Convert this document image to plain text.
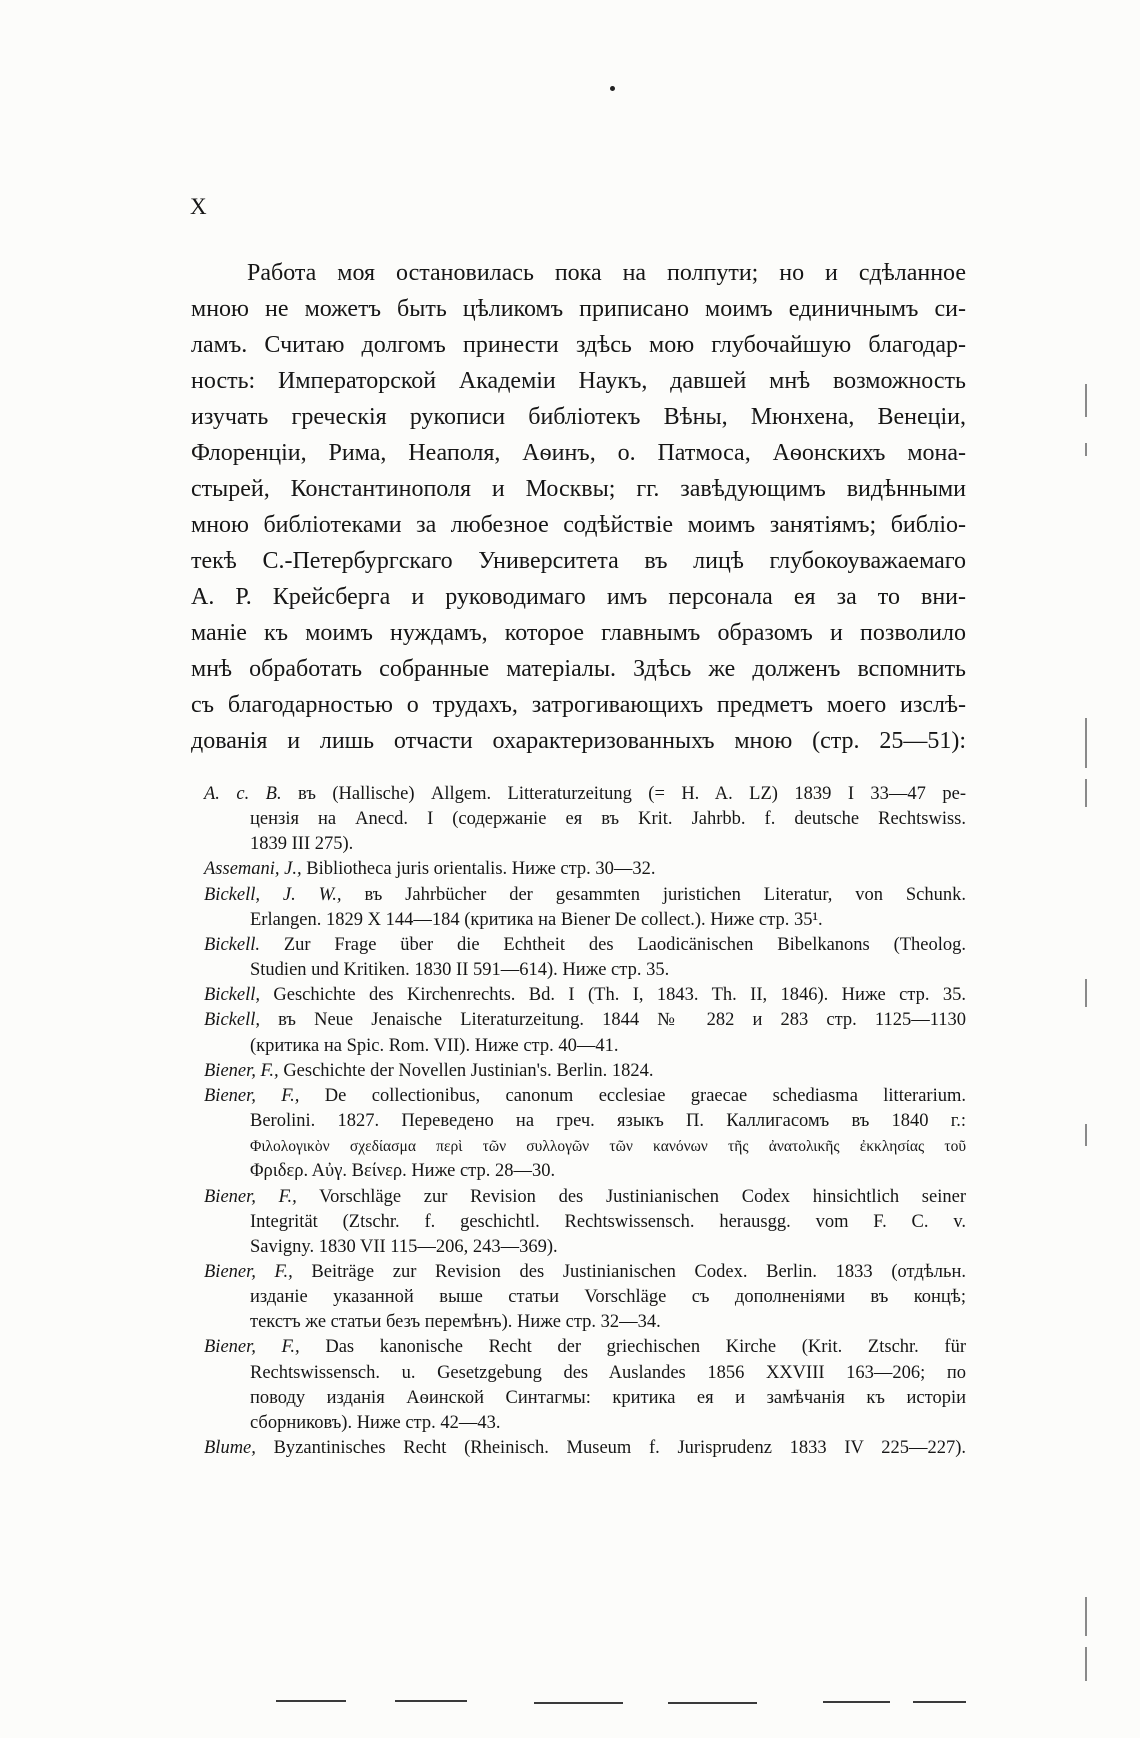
X
Работа моя остановилась пока на полпути; но и сдѣланное
мною не можетъ быть цѣликомъ приписано моимъ единичнымъ си-
ламъ. Считаю долгомъ принести здѣсь мою глубочайшую благодар-
ность: Императорской Академіи Наукъ, давшей мнѣ возможность
изучать греческія рукописи библіотекъ Вѣны, Мюнхена, Венеціи,
Флоренціи, Рима, Неаполя, Аѳинъ, о. Патмоса, Аѳонскихъ мона-
стырей, Константинополя и Москвы; гг. завѣдующимъ видѣнными
мною библіотеками за любезное содѣйствіе моимъ занятіямъ; библіо-
текѣ С.-Петербургскаго Университета въ лицѣ глубокоуважаемаго
А. Р. Крейсберга и руководимаго имъ персонала ея за то вни-
маніе къ моимъ нуждамъ, которое главнымъ образомъ и позволило
мнѣ обработать собранные матеріалы. Здѣсь же долженъ вспомнить
съ благодарностью о трудахъ, затрогивающихъ предметъ моего изслѣ-
дованія и лишь отчасти охарактеризованныхъ мною (стр. 25—51):
А. с. В. въ (Hallische) Allgem. Litteraturzeitung (= H. A. LZ) 1839 I 33—47 ре-
цензія на Anecd. I (содержаніе ея въ Krit. Jahrbb. f. deutsche Rechtswiss.
1839 III 275).
Assemani, J., Bibliotheca juris orientalis. Ниже стр. 30—32.
Bickell, J. W., въ Jahrbücher der gesammten juristichen Literatur, von Schunk.
Erlangen. 1829 X 144—184 (критика на Biener De collect.). Ниже стр. 35¹.
Bickell. Zur Frage über die Echtheit des Laodicänischen Bibelkanons (Theolog.
Studien und Kritiken. 1830 II 591—614). Ниже стр. 35.
Bickell, Geschichte des Kirchenrechts. Bd. I (Th. I, 1843. Th. II, 1846). Ниже стр. 35.
Bickell, въ Neue Jenaische Literaturzeitung. 1844 № 282 и 283 стр. 1125—1130
(критика на Spic. Rom. VII). Ниже стр. 40—41.
Biener, F., Geschichte der Novellen Justinian's. Berlin. 1824.
Biener, F., De collectionibus, canonum ecclesiae graecae schediasma litterarium.
Berolini. 1827. Переведено на греч. языкъ П. Каллигасомъ въ 1840 г.:
Φιλολογικὸν σχεδίασμα περὶ τῶν συλλογῶν τῶν κανόνων τῆς ἀνατολικῆς ἐκκλησίας τοῦ
Φριδερ. Αὐγ. Βείνερ. Ниже стр. 28—30.
Biener, F., Vorschläge zur Revision des Justinianischen Codex hinsichtlich seiner
Integrität (Ztschr. f. geschichtl. Rechtswissensch. herausgg. vom F. C. v.
Savigny. 1830 VII 115—206, 243—369).
Biener, F., Beiträge zur Revision des Justinianischen Codex. Berlin. 1833 (отдѣльн.
изданіе указанной выше статьи Vorschläge съ дополненіями въ концѣ;
текстъ же статьи безъ перемѣнъ). Ниже стр. 32—34.
Biener, F., Das kanonische Recht der griechischen Kirche (Krit. Ztschr. für
Rechtswissensch. u. Gesetzgebung des Auslandes 1856 XXVIII 163—206; по
поводу изданія Аѳинской Синтагмы: критика ея и замѣчанія къ исторіи
сборниковъ). Ниже стр. 42—43.
Blume, Byzantinisches Recht (Rheinisch. Museum f. Jurisprudenz 1833 IV 225—227).
